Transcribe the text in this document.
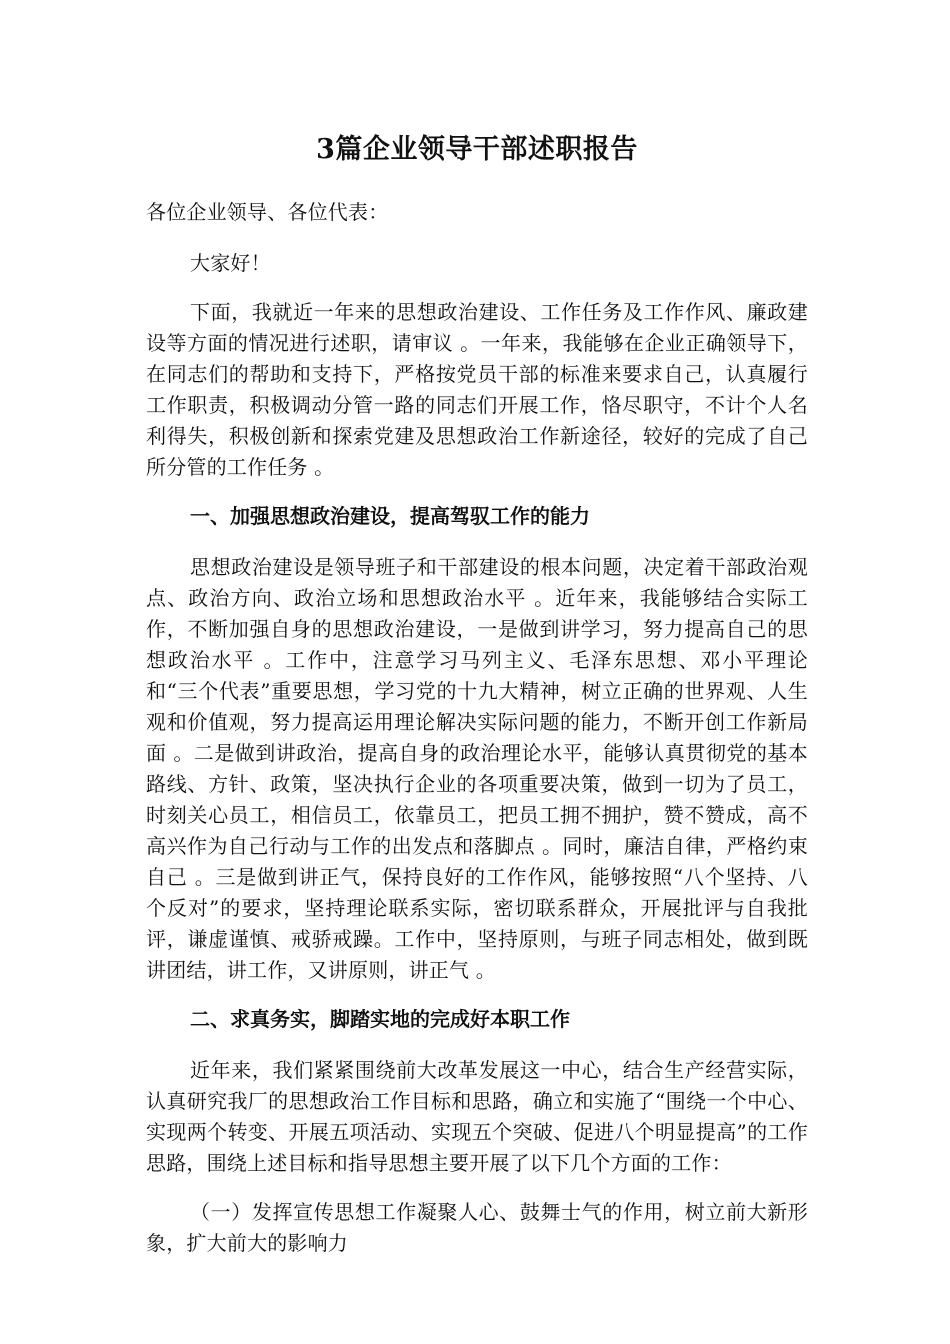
3篇企业领导干部述职报告

各位企业领导、各位代表：

大家好！

下面，我就近一年来的思想政治建设、工作任务及工作作风、廉政建设等方面的情况进行述职，请审议 。一年来，我能够在企业正确领导下，在同志们的帮助和支持下，严格按党员干部的标准来要求自己，认真履行工作职责，积极调动分管一路的同志们开展工作，恪尽职守，不计个人名利得失，积极创新和探索党建及思想政治工作新途径，较好的完成了自己所分管的工作任务 。

一、加强思想政治建设，提高驾驭工作的能力

思想政治建设是领导班子和干部建设的根本问题，决定着干部政治观点、政治方向、政治立场和思想政治水平 。近年来，我能够结合实际工作，不断加强自身的思想政治建设，一是做到讲学习，努力提高自己的思想政治水平 。工作中，注意学习马列主义、毛泽东思想、邓小平理论和“三个代表”重要思想，学习党的十九大精神，树立正确的世界观、人生观和价值观，努力提高运用理论解决实际问题的能力，不断开创工作新局面 。二是做到讲政治，提高自身的政治理论水平，能够认真贯彻党的基本路线、方针、政策，坚决执行企业的各项重要决策，做到一切为了员工，时刻关心员工，相信员工，依靠员工，把员工拥不拥护，赞不赞成，高不高兴作为自己行动与工作的出发点和落脚点 。同时，廉洁自律，严格约束自己 。三是做到讲正气，保持良好的工作作风，能够按照“八个坚持、八个反对”的要求，坚持理论联系实际，密切联系群众，开展批评与自我批评，谦虚谨慎、戒骄戒躁。工作中，坚持原则，与班子同志相处，做到既讲团结，讲工作，又讲原则，讲正气 。

二、求真务实，脚踏实地的完成好本职工作

近年来，我们紧紧围绕前大改革发展这一中心，结合生产经营实际，认真研究我厂的思想政治工作目标和思路，确立和实施了“围绕一个中心、实现两个转变、开展五项活动、实现五个突破、促进八个明显提高”的工作思路，围绕上述目标和指导思想主要开展了以下几个方面的工作：

（一）发挥宣传思想工作凝聚人心、鼓舞士气的作用，树立前大新形象，扩大前大的影响力
